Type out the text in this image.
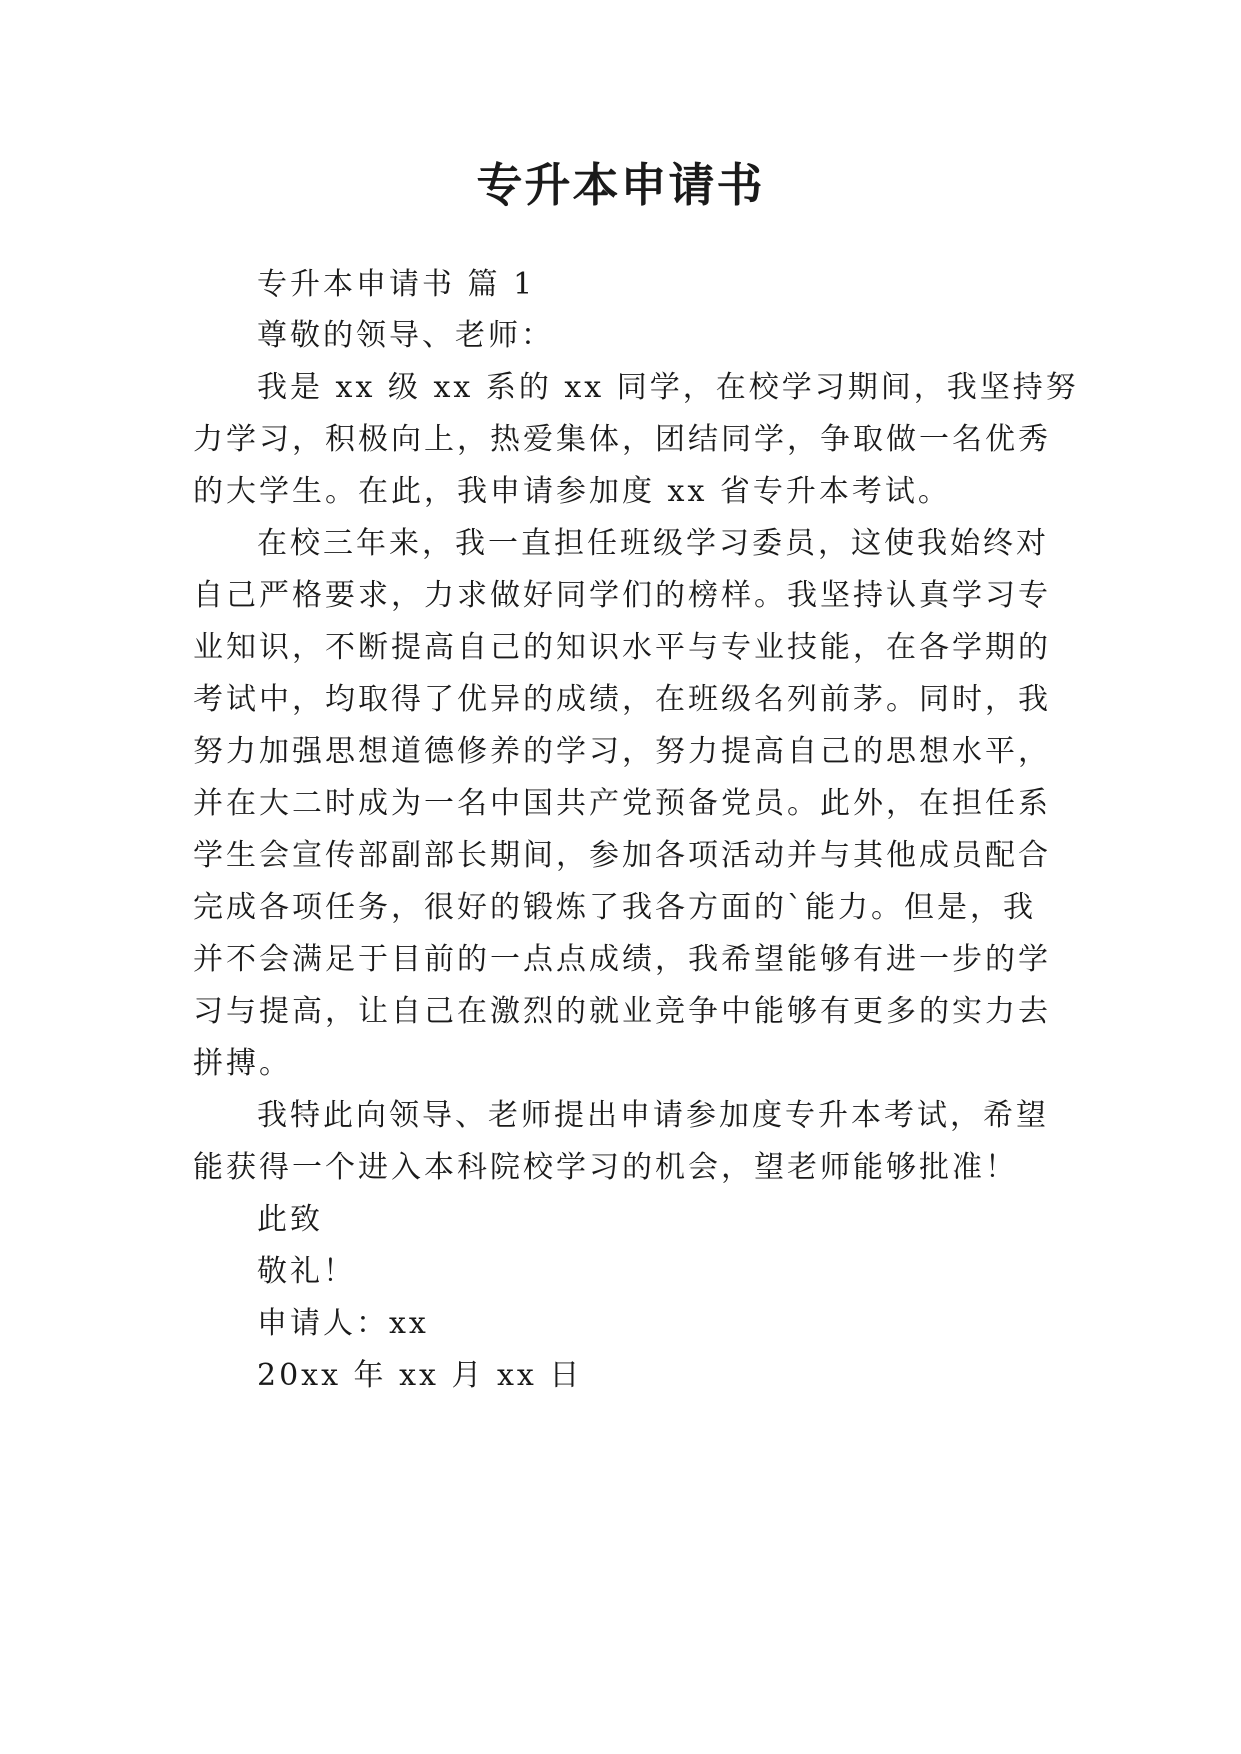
专升本申请书
专升本申请书 篇 1
尊敬的领导、老师：
我是 xx 级 xx 系的 xx 同学，在校学习期间，我坚持努
力学习，积极向上，热爱集体，团结同学，争取做一名优秀
的大学生。在此，我申请参加度 xx 省专升本考试。
在校三年来，我一直担任班级学习委员，这使我始终对
自己严格要求，力求做好同学们的榜样。我坚持认真学习专
业知识，不断提高自己的知识水平与专业技能，在各学期的
考试中，均取得了优异的成绩，在班级名列前茅。同时，我
努力加强思想道德修养的学习，努力提高自己的思想水平，
并在大二时成为一名中国共产党预备党员。此外，在担任系
学生会宣传部副部长期间，参加各项活动并与其他成员配合
完成各项任务，很好的锻炼了我各方面的`能力。但是，我
并不会满足于目前的一点点成绩，我希望能够有进一步的学
习与提高，让自己在激烈的就业竞争中能够有更多的实力去
拼搏。
我特此向领导、老师提出申请参加度专升本考试，希望
能获得一个进入本科院校学习的机会，望老师能够批准！
此致
敬礼！
申请人：xx
20xx 年 xx 月 xx 日
